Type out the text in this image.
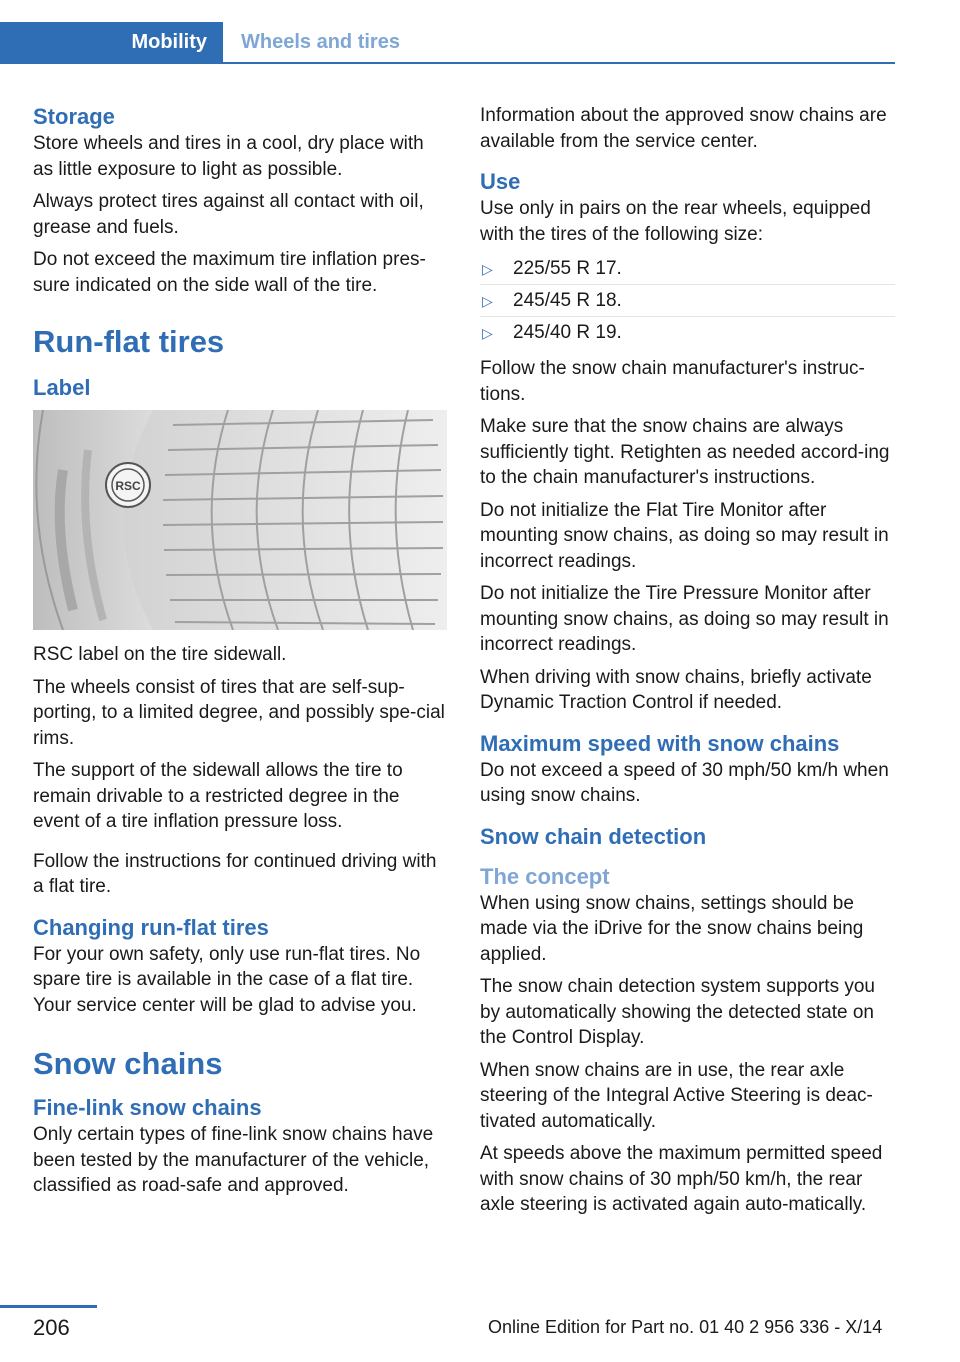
Mobility	Wheels and tires
Storage

Store wheels and tires in a cool, dry place with as little exposure to light as possible.

Always protect tires against all contact with oil, grease and fuels.

Do not exceed the maximum tire inflation pres‐sure indicated on the side wall of the tire.

Run-flat tires
Label
RSC

RSC label on the tire sidewall.

The wheels consist of tires that are self-sup‐porting, to a limited degree, and possibly spe‐cial rims.

The support of the sidewall allows the tire to remain drivable to a restricted degree in the event of a tire inflation pressure loss.

Follow the instructions for continued driving with a flat tire.

Changing run-flat tires

For your own safety, only use run-flat tires. No spare tire is available in the case of a flat tire. Your service center will be glad to advise you.

Snow chains
Fine-link snow chains

Only certain types of fine-link snow chains have been tested by the manufacturer of the vehicle, classified as road-safe and approved.

Information about the approved snow chains are available from the service center.

Use

Use only in pairs on the rear wheels, equipped with the tires of the following size:

▷ 225/55 R 17.
▷ 245/45 R 18.
▷ 245/40 R 19.

Follow the snow chain manufacturer's instruc‐tions.

Make sure that the snow chains are always sufficiently tight. Retighten as needed accord‐ing to the chain manufacturer's instructions.

Do not initialize the Flat Tire Monitor after mounting snow chains, as doing so may result in incorrect readings.

Do not initialize the Tire Pressure Monitor after mounting snow chains, as doing so may result in incorrect readings.

When driving with snow chains, briefly activate Dynamic Traction Control if needed.

Maximum speed with snow chains

Do not exceed a speed of 30 mph/50 km/h when using snow chains.

Snow chain detection
The concept

When using snow chains, settings should be made via the iDrive for the snow chains being applied.

The snow chain detection system supports you by automatically showing the detected state on the Control Display.

When snow chains are in use, the rear axle steering of the Integral Active Steering is deac‐tivated automatically.

At speeds above the maximum permitted speed with snow chains of 30 mph/50 km/h, the rear axle steering is activated again auto‐matically.

206	Online Edition for Part no. 01 40 2 956 336 - X/14
